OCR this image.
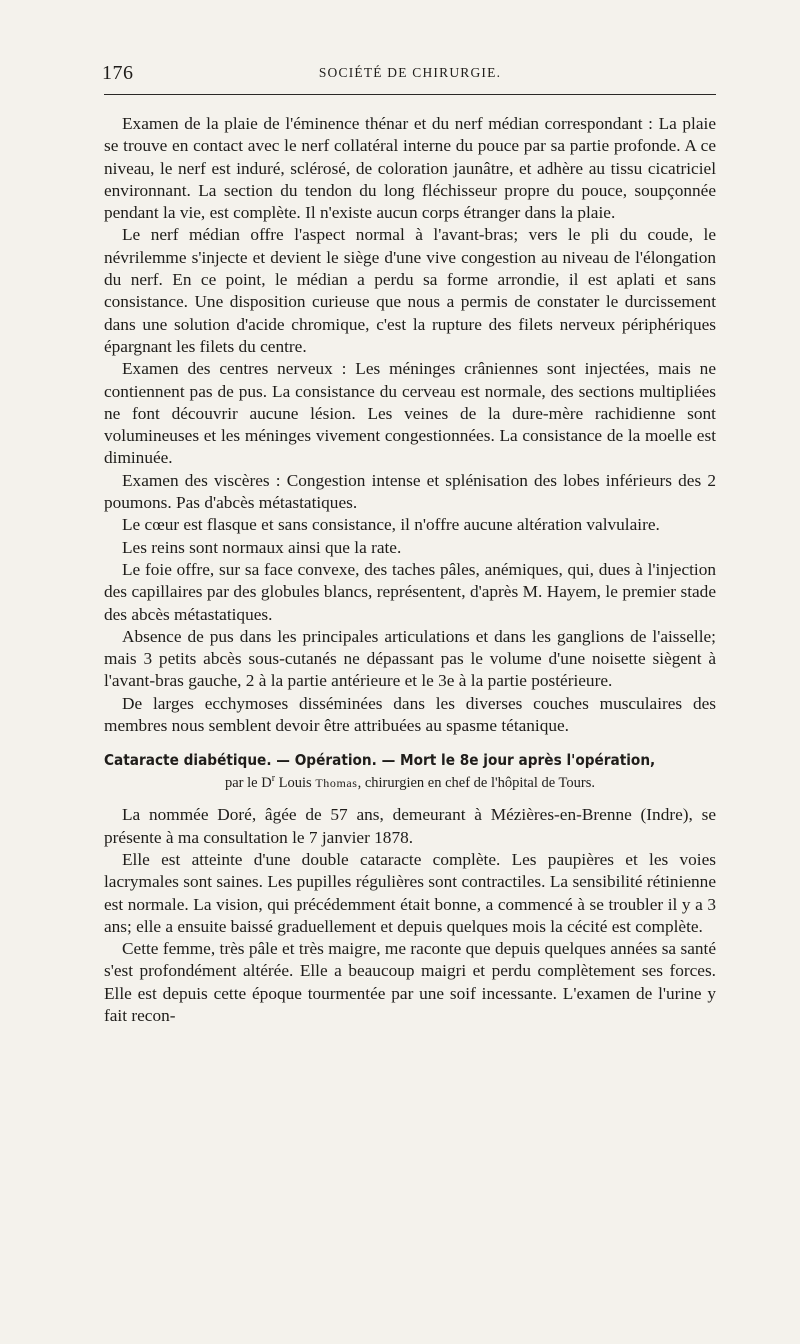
176	SOCIÉTÉ DE CHIRURGIE.

Examen de la plaie de l'éminence thénar et du nerf médian correspondant : La plaie se trouve en contact avec le nerf collatéral interne du pouce par sa partie profonde. A ce niveau, le nerf est induré, sclérosé, de coloration jaunâtre, et adhère au tissu cicatriciel environnant. La section du tendon du long fléchisseur propre du pouce, soupçonnée pendant la vie, est complète. Il n'existe aucun corps étranger dans la plaie.

Le nerf médian offre l'aspect normal à l'avant-bras; vers le pli du coude, le névrilemme s'injecte et devient le siège d'une vive congestion au niveau de l'élongation du nerf. En ce point, le médian a perdu sa forme arrondie, il est aplati et sans consistance. Une disposition curieuse que nous a permis de constater le durcissement dans une solution d'acide chromique, c'est la rupture des filets nerveux périphériques épargnant les filets du centre.

Examen des centres nerveux : Les méninges crâniennes sont injectées, mais ne contiennent pas de pus. La consistance du cerveau est normale, des sections multipliées ne font découvrir aucune lésion. Les veines de la dure-mère rachidienne sont volumineuses et les méninges vivement congestionnées. La consistance de la moelle est diminuée.

Examen des viscères : Congestion intense et splénisation des lobes inférieurs des 2 poumons. Pas d'abcès métastatiques.

Le cœur est flasque et sans consistance, il n'offre aucune altération valvulaire.

Les reins sont normaux ainsi que la rate.

Le foie offre, sur sa face convexe, des taches pâles, anémiques, qui, dues à l'injection des capillaires par des globules blancs, représentent, d'après M. Hayem, le premier stade des abcès métastatiques.

Absence de pus dans les principales articulations et dans les ganglions de l'aisselle; mais 3 petits abcès sous-cutanés ne dépassant pas le volume d'une noisette siègent à l'avant-bras gauche, 2 à la partie antérieure et le 3e à la partie postérieure.

De larges ecchymoses disséminées dans les diverses couches musculaires des membres nous semblent devoir être attribuées au spasme tétanique.

Cataracte diabétique. — Opération. — Mort le 8e jour après l'opération,
par le $D^r$ Louis Thomas, chirurgien en chef de l'hôpital de Tours.

La nommée Doré, âgée de 57 ans, demeurant à Mézières-en-Brenne (Indre), se présente à ma consultation le 7 janvier 1878.

Elle est atteinte d'une double cataracte complète. Les paupières et les voies lacrymales sont saines. Les pupilles régulières sont contractiles. La sensibilité rétinienne est normale. La vision, qui précédemment était bonne, a commencé à se troubler il y a 3 ans; elle a ensuite baissé graduellement et depuis quelques mois la cécité est complète.

Cette femme, très pâle et très maigre, me raconte que depuis quelques années sa santé s'est profondément altérée. Elle a beaucoup maigri et perdu complètement ses forces. Elle est depuis cette époque tourmentée par une soif incessante. L'examen de l'urine y fait recon-
